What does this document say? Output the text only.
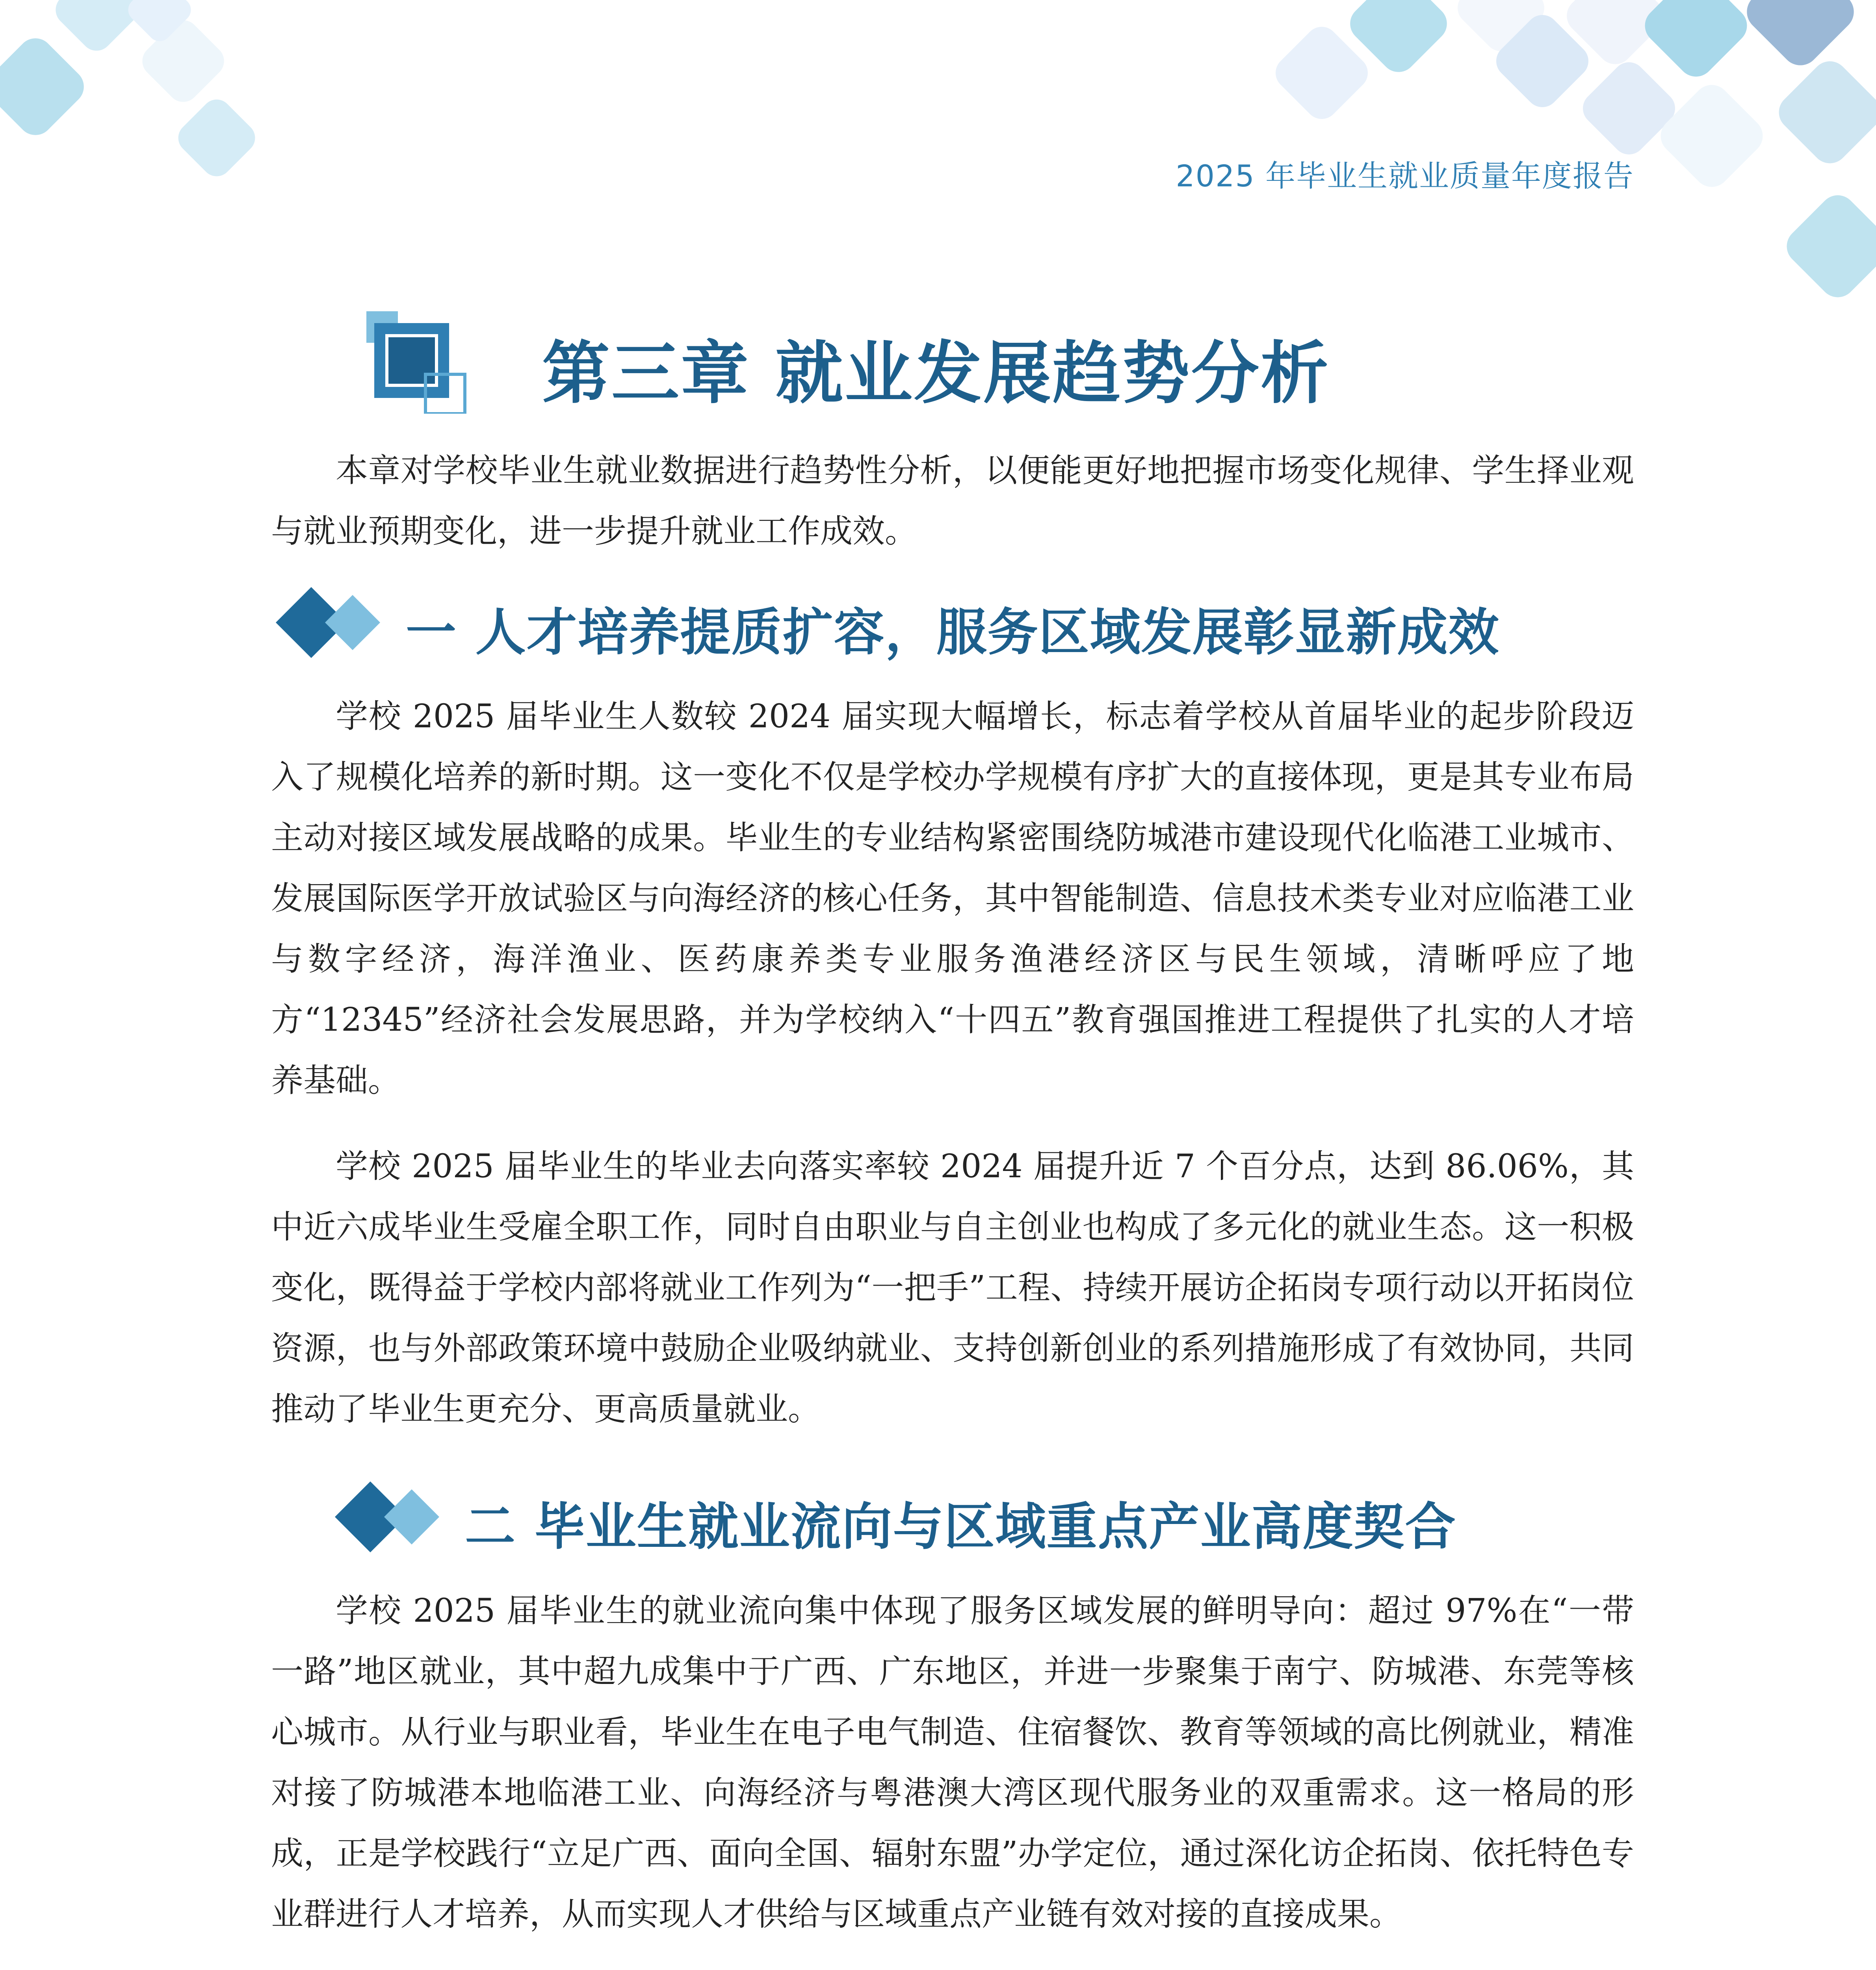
2025 年毕业生就业质量年度报告
第三章 就业发展趋势分析

本章对学校毕业生就业数据进行趋势性分析，以便能更好地把握市场变化规律、学生择业观与就业预期变化，进一步提升就业工作成效。

一 人才培养提质扩容，服务区域发展彰显新成效

学校 2025 届毕业生人数较 2024 届实现大幅增长，标志着学校从首届毕业的起步阶段迈入了规模化培养的新时期。这一变化不仅是学校办学规模有序扩大的直接体现，更是其专业布局主动对接区域发展战略的成果。毕业生的专业结构紧密围绕防城港市建设现代化临港工业城市、发展国际医学开放试验区与向海经济的核心任务，其中智能制造、信息技术类专业对应临港工业与数字经济，海洋渔业、医药康养类专业服务渔港经济区与民生领域，清晰呼应了地方“12345”经济社会发展思路，并为学校纳入“十四五”教育强国推进工程提供了扎实的人才培养基础。

学校 2025 届毕业生的毕业去向落实率较 2024 届提升近 7 个百分点，达到 86.06%，其中近六成毕业生受雇全职工作，同时自由职业与自主创业也构成了多元化的就业生态。这一积极变化，既得益于学校内部将就业工作列为“一把手”工程、持续开展访企拓岗专项行动以开拓岗位资源，也与外部政策环境中鼓励企业吸纳就业、支持创新创业的系列措施形成了有效协同，共同推动了毕业生更充分、更高质量就业。

二 毕业生就业流向与区域重点产业高度契合

学校 2025 届毕业生的就业流向集中体现了服务区域发展的鲜明导向：超过 97%在“一带一路”地区就业，其中超九成集中于广西、广东地区，并进一步聚集于南宁、防城港、东莞等核心城市。从行业与职业看，毕业生在电子电气制造、住宿餐饮、教育等领域的高比例就业，精准对接了防城港本地临港工业、向海经济与粤港澳大湾区现代服务业的双重需求。这一格局的形成，正是学校践行“立足广西、面向全国、辐射东盟”办学定位，通过深化访企拓岗、依托特色专业群进行人才培养，从而实现人才供给与区域重点产业链有效对接的直接成果。
